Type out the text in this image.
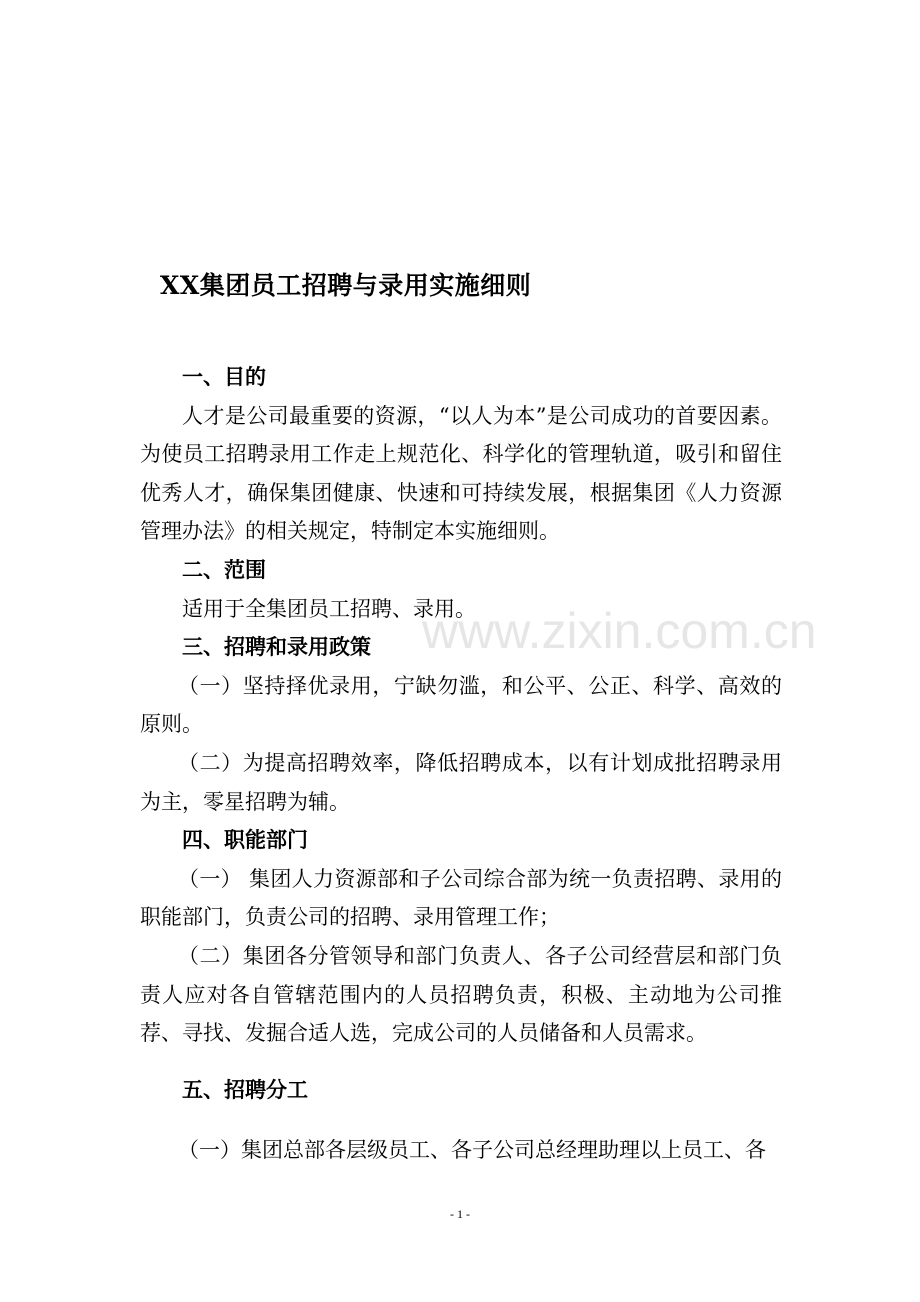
XX集团员工招聘与录用实施细则

一、目的

人才是公司最重要的资源，“以人为本”是公司成功的首要因素。为使员工招聘录用工作走上规范化、科学化的管理轨道，吸引和留住优秀人才，确保集团健康、快速和可持续发展，根据集团《人力资源管理办法》的相关规定，特制定本实施细则。

二、范围

适用于全集团员工招聘、录用。

三、招聘和录用政策

（一）坚持择优录用，宁缺勿滥，和公平、公正、科学、高效的原则。

（二）为提高招聘效率，降低招聘成本，以有计划成批招聘录用为主，零星招聘为辅。

四、职能部门

（一） 集团人力资源部和子公司综合部为统一负责招聘、录用的职能部门，负责公司的招聘、录用管理工作；

（二）集团各分管领导和部门负责人、各子公司经营层和部门负责人应对各自管辖范围内的人员招聘负责，积极、主动地为公司推荐、寻找、发掘合适人选，完成公司的人员储备和人员需求。

五、招聘分工

（一）集团总部各层级员工、各子公司总经理助理以上员工、各

www.zixin.com.cn
- 1 -
